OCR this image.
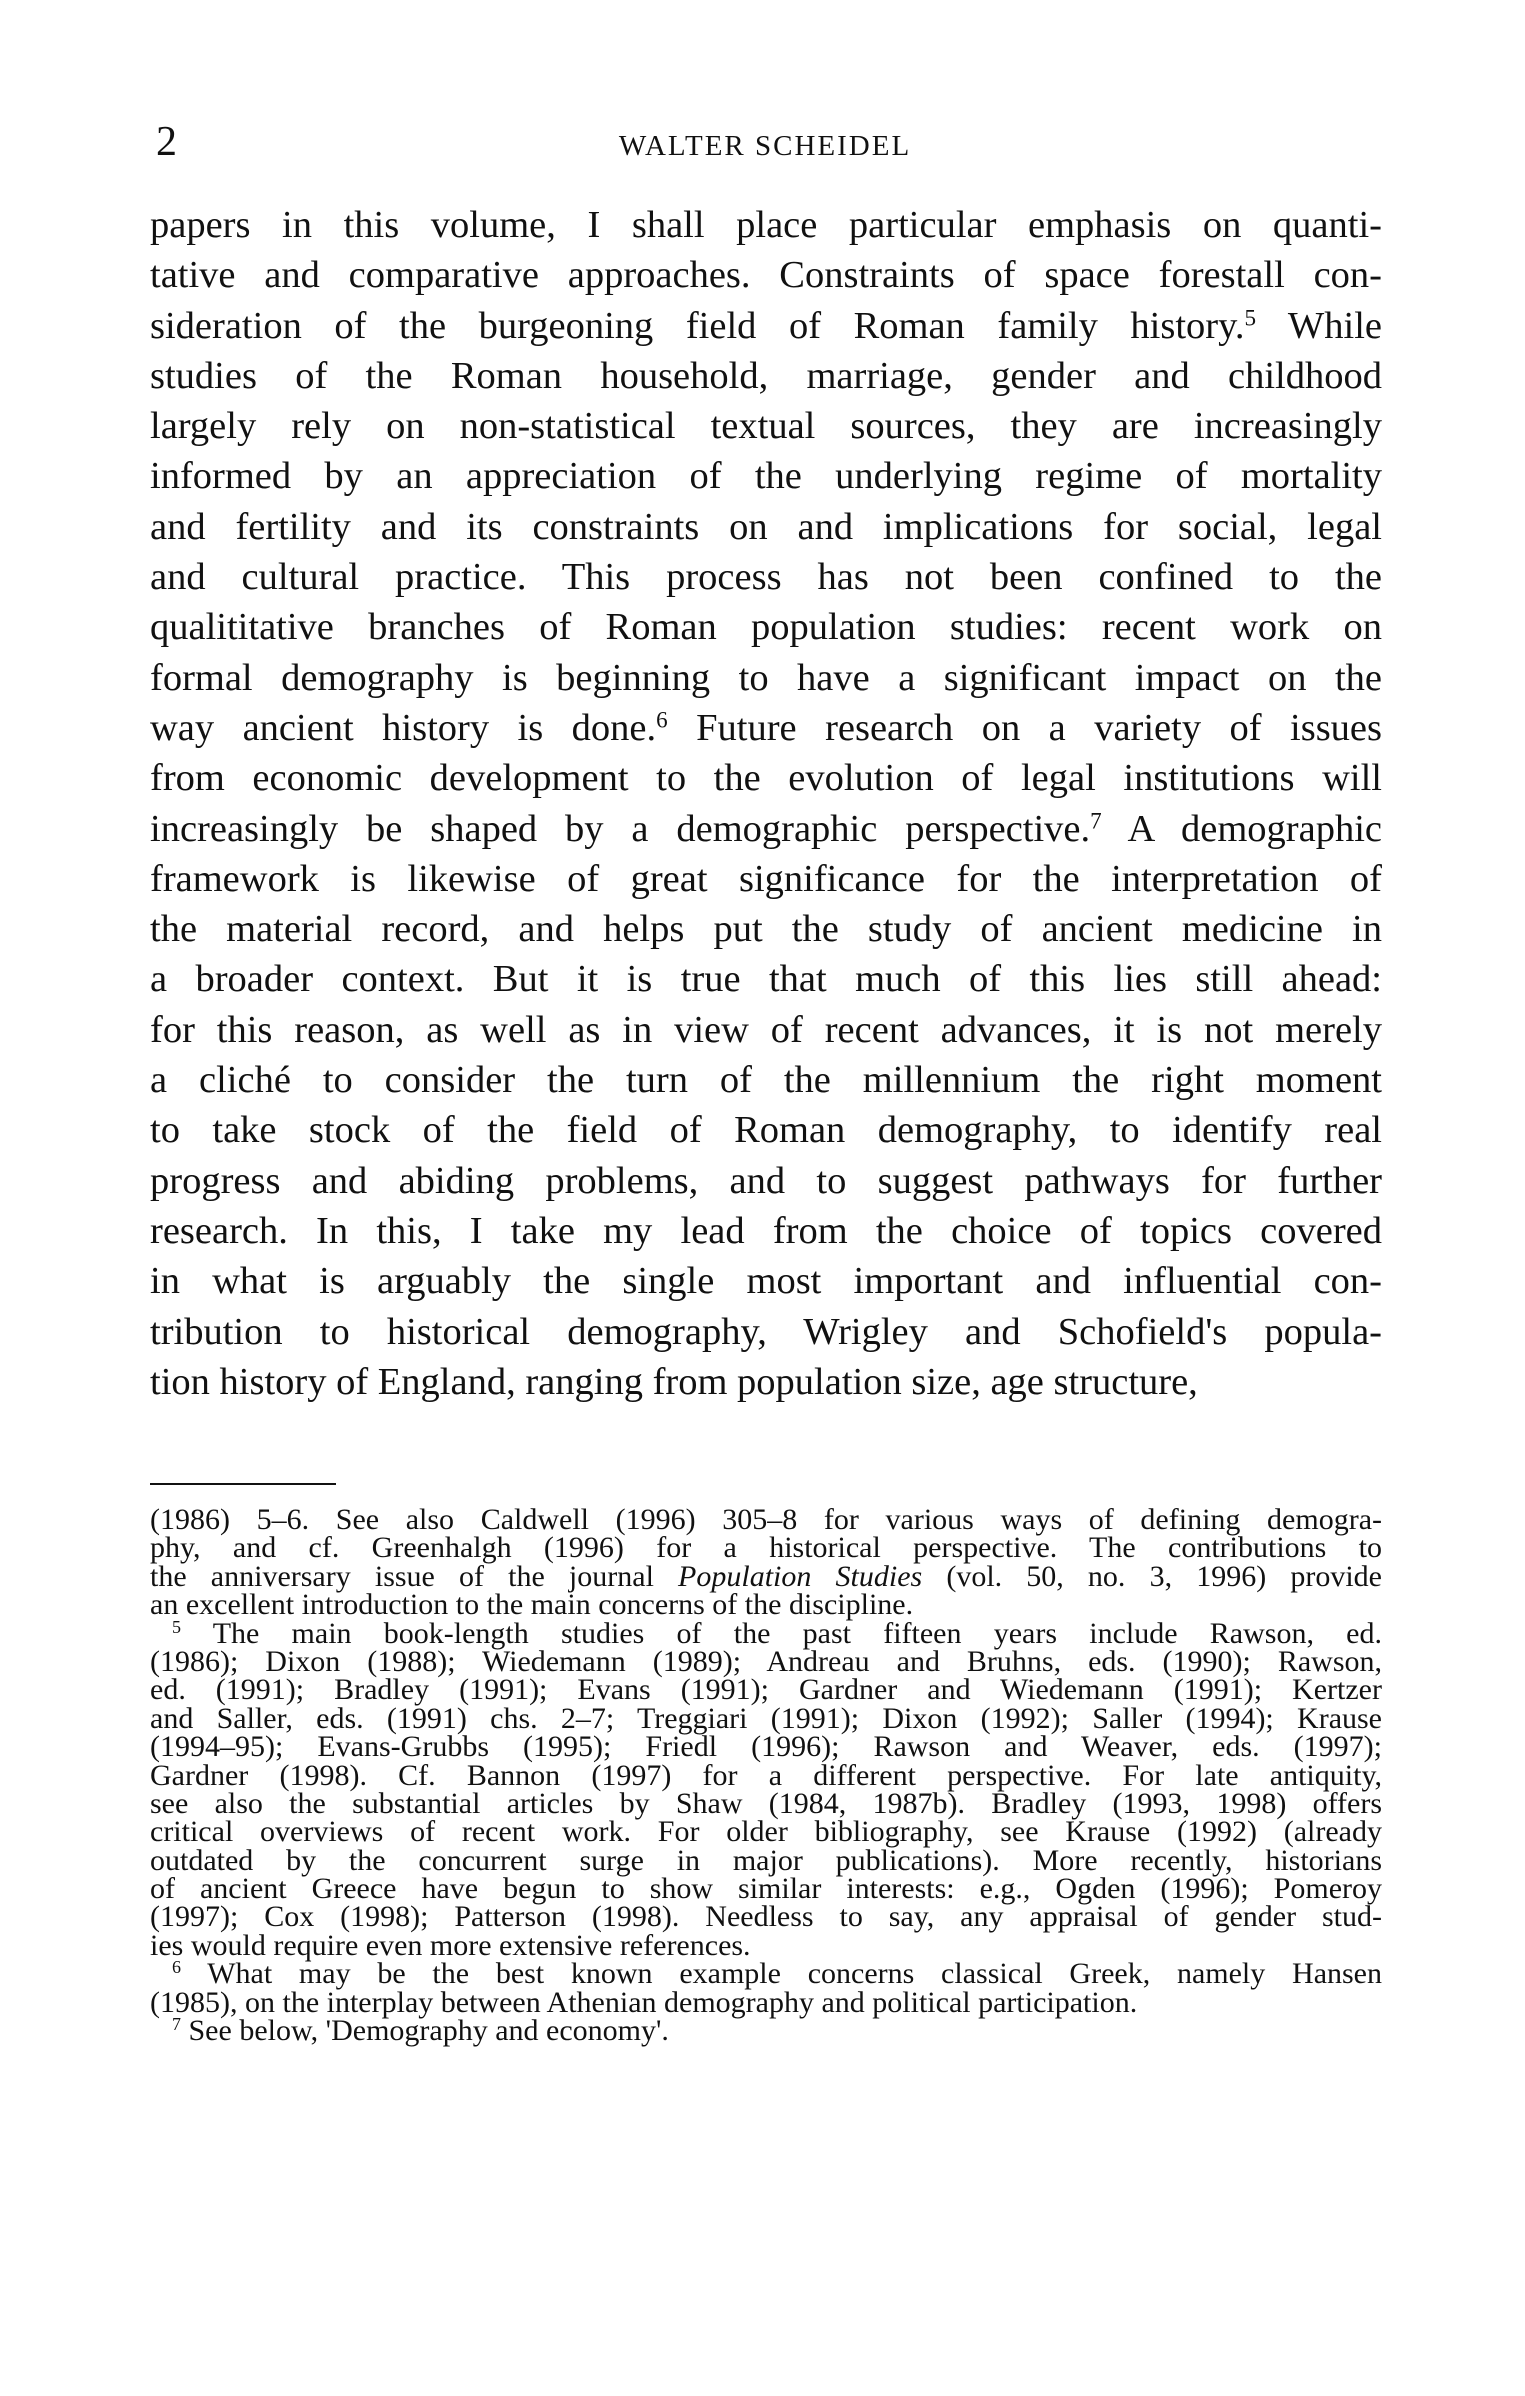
2	WALTER SCHEIDEL
papers in this volume, I shall place particular emphasis on quanti-
tative and comparative approaches. Constraints of space forestall con-
sideration of the burgeoning field of Roman family history.$^5$ While
studies of the Roman household, marriage, gender and childhood
largely rely on non-statistical textual sources, they are increasingly
informed by an appreciation of the underlying regime of mortality
and fertility and its constraints on and implications for social, legal
and cultural practice. This process has not been confined to the
qualititative branches of Roman population studies: recent work on
formal demography is beginning to have a significant impact on the
way ancient history is done.$^6$ Future research on a variety of issues
from economic development to the evolution of legal institutions will
increasingly be shaped by a demographic perspective.$^7$ A demographic
framework is likewise of great significance for the interpretation of
the material record, and helps put the study of ancient medicine in
a broader context. But it is true that much of this lies still ahead:
for this reason, as well as in view of recent advances, it is not merely
a cliché to consider the turn of the millennium the right moment
to take stock of the field of Roman demography, to identify real
progress and abiding problems, and to suggest pathways for further
research. In this, I take my lead from the choice of topics covered
in what is arguably the single most important and influential con-
tribution to historical demography, Wrigley and Schofield's popula-
tion history of England, ranging from population size, age structure,
(1986) 5–6. See also Caldwell (1996) 305–8 for various ways of defining demogra-
phy, and cf. Greenhalgh (1996) for a historical perspective. The contributions to
the anniversary issue of the journal Population Studies (vol. 50, no. 3, 1996) provide
an excellent introduction to the main concerns of the discipline.
$^5$ The main book-length studies of the past fifteen years include Rawson, ed.
(1986); Dixon (1988); Wiedemann (1989); Andreau and Bruhns, eds. (1990); Rawson,
ed. (1991); Bradley (1991); Evans (1991); Gardner and Wiedemann (1991); Kertzer
and Saller, eds. (1991) chs. 2–7; Treggiari (1991); Dixon (1992); Saller (1994); Krause
(1994–95); Evans-Grubbs (1995); Friedl (1996); Rawson and Weaver, eds. (1997);
Gardner (1998). Cf. Bannon (1997) for a different perspective. For late antiquity,
see also the substantial articles by Shaw (1984, 1987b). Bradley (1993, 1998) offers
critical overviews of recent work. For older bibliography, see Krause (1992) (already
outdated by the concurrent surge in major publications). More recently, historians
of ancient Greece have begun to show similar interests: e.g., Ogden (1996); Pomeroy
(1997); Cox (1998); Patterson (1998). Needless to say, any appraisal of gender stud-
ies would require even more extensive references.
$^6$ What may be the best known example concerns classical Greek, namely Hansen
(1985), on the interplay between Athenian demography and political participation.
$^7$ See below, 'Demography and economy'.
